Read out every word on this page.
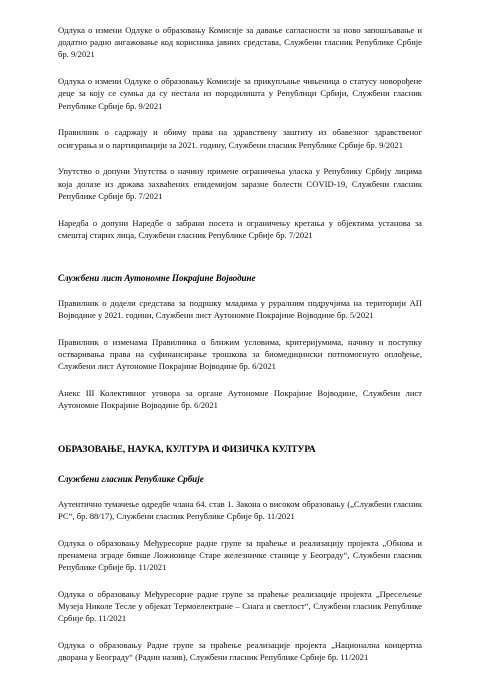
Одлука о измени Одлуке о образовању Комисије за давање сагласности за ново запошљавање и додатно радно ангажовање код корисника јавних средстава, Службени гласник Републике Србије бр. 9/2021

Одлука о измени Одлуке о образовању Комисије за прикупљање чињеница о статусу новорођене деце за коју се сумња да су нестала из породилишта у Републици Србији, Службени гласник Републике Србије бр. 9/2021

Правилник о садржају и обиму права на здравствену заштиту из обавезног здравственог осигурања и о партиципацији за 2021. годину, Службени гласник Републике Србије бр. 9/2021

Упутство о допуни Упутства о начину примене ограничења уласка у Републику Србију лицима која долазе из држава захваћених епидемијом заразне болести COVID-19, Службени гласник Републике Србије бр. 7/2021

Наредба о допуни Наредбе о забрани посета и ограничењу кретања у објектима установа за смештај старих лица, Службени гласник Републике Србије бр. 7/2021

Службени лист Аутономне Покрајине Војводине

Правилник о додели средстава за подршку младима у руралним подручјима на територији АП Војводине у 2021. години, Службени лист Аутономне Покрајине Војводине бр. 5/2021

Правилник о изменама Правилника о ближим условима, критеријумима, начину и поступку остваривања права на суфинансирање трошкова за биомедицински потпомогнуто оплођење, Службени лист Аутономне Покрајине Војводине бр. 6/2021

Анекс III Колективног уговора за органе Аутономне Покрајине Војводине, Службени лист Аутономне Покрајине Војводине бр. 6/2021

ОБРАЗОВАЊЕ, НАУКА, КУЛТУРА И ФИЗИЧКА КУЛТУРА
Службени гласник Републике Србије

Аутентично тумачење одредбе члана 64. став 1. Закона о високом образовању („Службени гласник РС“, бр. 88/17), Службени гласник Републике Србије бр. 11/2021

Одлука о образовању Међуресорне радне групе за праћење и реализацију пројекта „Обнова и пренамена зграде бивше Ложионице Старе железничке станице у Београду“, Службени гласник Републике Србије бр. 11/2021

Одлука о образовању Међуресорне радне групе за праћење реализације пројекта „Пресељење Музеја Николе Тесле у објекат Термоелектране – Снага и светлост“, Службени гласник Републике Србије бр. 11/2021

Одлука о образовању Радне групе за праћење реализације пројекта „Национална концертна дворана у Београду“ (Радни назив), Службени гласник Републике Србије бр. 11/2021
